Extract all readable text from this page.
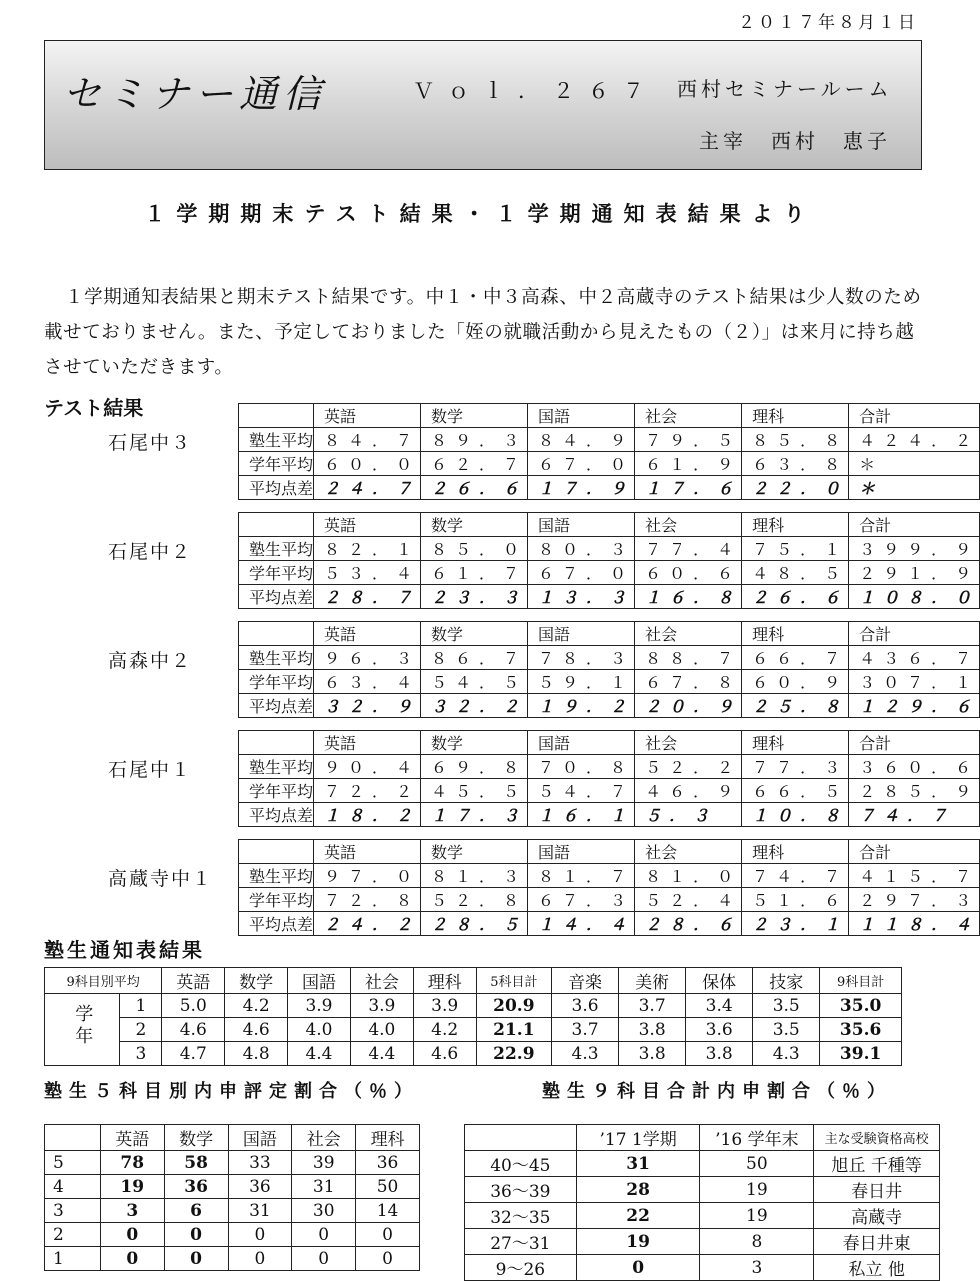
２０１７年８月１日
セミナー通信	Ｖｏｌ．２６７ 西村セミナールーム
主宰　西村　恵子
１学期期末テスト結果・１学期通知表結果より
１学期通知表結果と期末テスト結果です。中１・中３高森、中２高蔵寺のテスト結果は少人数のため載せておりません。また、予定しておりました「姪の就職活動から見えたもの（２）」は来月に持ち越させていただきます。
テスト結果
石尾中３
	英語	数学	国語	社会	理科	合計
塾生平均	８４．７	８９．３	８４．９	７９．５	８５．８	４２４．２
学年平均	６０．０	６２．７	６７．０	６１．９	６３．８	＊
平均点差	２４．７	２６．６	１７．９	１７．６	２２．０	＊
石尾中２
	英語	数学	国語	社会	理科	合計
塾生平均	８２．１	８５．０	８０．３	７７．４	７５．１	３９９．９
学年平均	５３．４	６１．７	６７．０	６０．６	４８．５	２９１．９
平均点差	２８．７	２３．３	１３．３	１６．８	２６．６	１０８．０
高森中２
	英語	数学	国語	社会	理科	合計
塾生平均	９６．３	８６．７	７８．３	８８．７	６６．７	４３６．７
学年平均	６３．４	５４．５	５９．１	６７．８	６０．９	３０７．１
平均点差	３２．９	３２．２	１９．２	２０．９	２５．８	１２９．６
石尾中１
	英語	数学	国語	社会	理科	合計
塾生平均	９０．４	６９．８	７０．８	５２．２	７７．３	３６０．６
学年平均	７２．２	４５．５	５４．７	４６．９	６６．５	２８５．９
平均点差	１８．２	１７．３	１６．１	５．３	１０．８	７４．７
高蔵寺中１
	英語	数学	国語	社会	理科	合計
塾生平均	９７．０	８１．３	８１．７	８１．０	７４．７	４１５．７
学年平均	７２．８	５２．８	６７．３	５２．４	５１．６	２９７．３
平均点差	２４．２	２８．５	１４．４	２８．６	２３．１	１１８．４
塾生通知表結果
9科目別平均		英語	数学	国語	社会	理科	5科目計	音楽	美術	保体	技家	9科目計
学年	1	5.0	4.2	3.9	3.9	3.9	20.9	3.6	3.7	3.4	3.5	35.0
	2	4.6	4.6	4.0	4.0	4.2	21.1	3.7	3.8	3.6	3.5	35.6
	3	4.7	4.8	4.4	4.4	4.6	22.9	4.3	3.8	3.8	4.3	39.1
塾生５科目別内申評定割合（％）	塾生９科目合計内申割合（％）
	英語	数学	国語	社会	理科
5	78	58	33	39	36
4	19	36	36	31	50
3	3	6	31	30	14
2	0	0	0	0	0
1	0	0	0	0	0
	’17 1学期	’16 学年末	主な受験資格高校
40～45	31	50	旭丘 千種等
36～39	28	19	春日井
32～35	22	19	高蔵寺
27～31	19	8	春日井東
9～26	0	3	私立 他
